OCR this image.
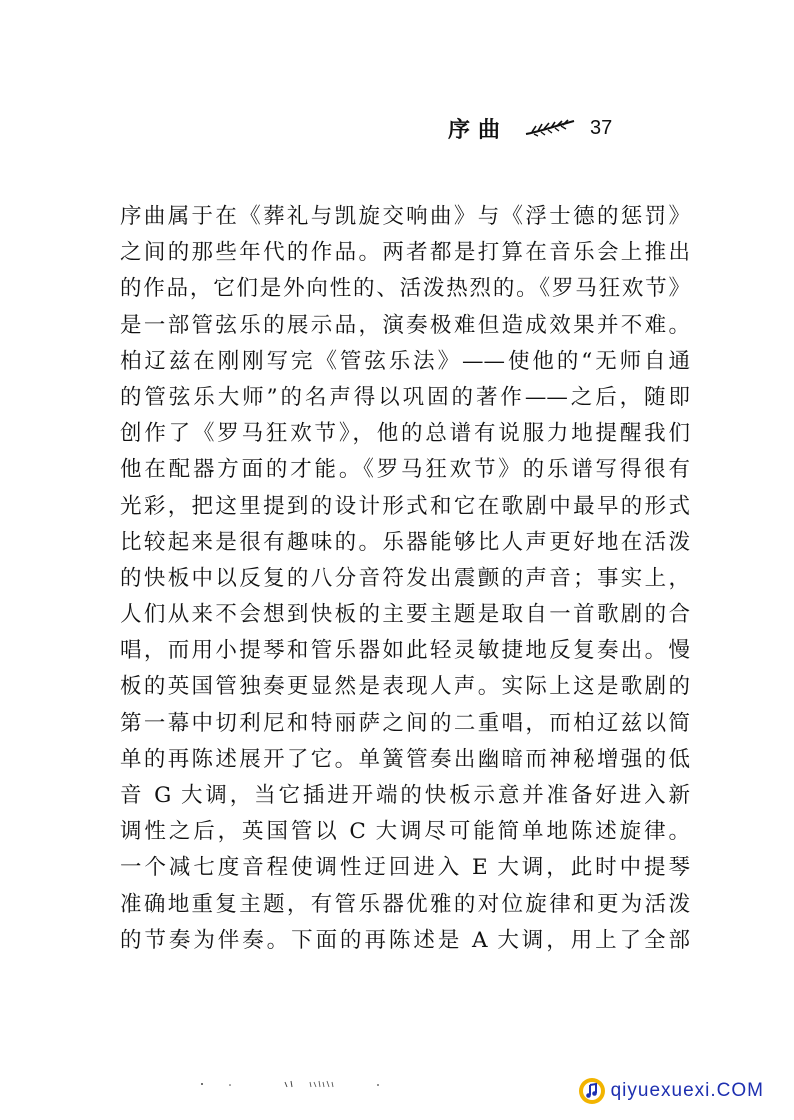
序曲	37
序曲属于在《葬礼与凯旋交响曲》与《浮士德的惩罚》
之间的那些年代的作品。两者都是打算在音乐会上推出
的作品，它们是外向性的、活泼热烈的。《罗马狂欢节》
是一部管弦乐的展示品，演奏极难但造成效果并不难。
柏辽兹在刚刚写完《管弦乐法》——使他的“无师自通
的管弦乐大师”的名声得以巩固的著作——之后，随即
创作了《罗马狂欢节》，他的总谱有说服力地提醒我们
他在配器方面的才能。《罗马狂欢节》的乐谱写得很有
光彩，把这里提到的设计形式和它在歌剧中最早的形式
比较起来是很有趣味的。乐器能够比人声更好地在活泼
的快板中以反复的八分音符发出震颤的声音；事实上，
人们从来不会想到快板的主要主题是取自一首歌剧的合
唱，而用小提琴和管乐器如此轻灵敏捷地反复奏出。慢
板的英国管独奏更显然是表现人声。实际上这是歌剧的
第一幕中切利尼和特丽萨之间的二重唱，而柏辽兹以简
单的再陈述展开了它。单簧管奏出幽暗而神秘增强的低
音 G 大调，当它插进开端的快板示意并准备好进入新
调性之后，英国管以 C 大调尽可能简单地陈述旋律。
一个减七度音程使调性迂回进入 E 大调，此时中提琴
准确地重复主题，有管乐器优雅的对位旋律和更为活泼
的节奏为伴奏。下面的再陈述是 A 大调，用上了全部
qiyuexuexi.COM
